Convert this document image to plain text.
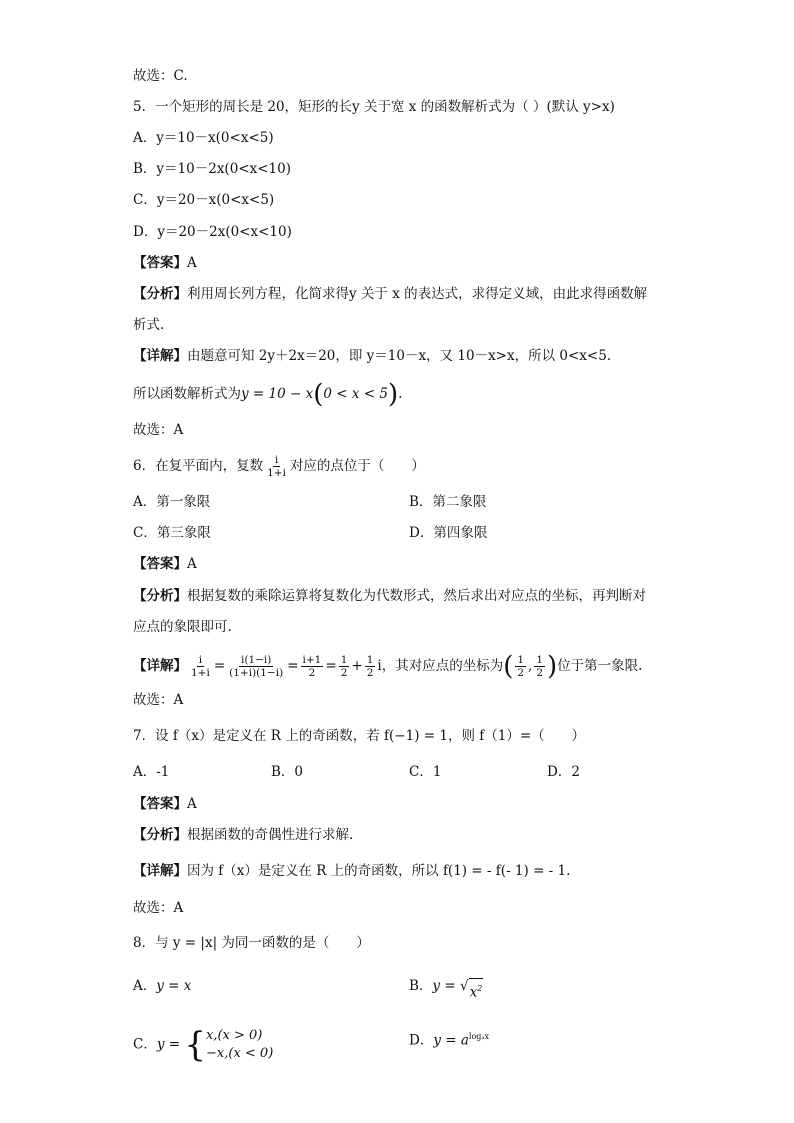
故选：C.
5．一个矩形的周长是 20，矩形的长y 关于宽 x 的函数解析式为（ ）(默认 y>x)
A．y＝10－x(0<x<5)
B．y＝10－2x(0<x<10)
C．y＝20－x(0<x<5)
D．y＝20－2x(0<x<10)
【答案】A
【分析】利用周长列方程，化简求得y 关于 x 的表达式，求得定义域，由此求得函数解
析式.
【详解】由题意可知 2y＋2x＝20，即 y＝10－x，又 10－x>x，所以 0<x<5.
所以函数解析式为y = 10 − x(0 < x < 5).
故选：A
6．在复平面内，复数 $\frac{i}{1+i}$ 对应的点位于（　　）
A．第一象限	B．第二象限
C．第三象限	D．第四象限
【答案】A
【分析】根据复数的乘除运算将复数化为代数形式，然后求出对应点的坐标，再判断对
应点的象限即可.
【详解】 $\frac{i}{1+i} = \frac{i(1-i)}{(1+i)(1-i)} = \frac{i+1}{2} = \frac{1}{2} + \frac{1}{2}$ i，其对应点的坐标为( $\frac{1}{2}$ , $\frac{1}{2}$ )位于第一象限.
故选：A
7．设 f（x）是定义在 R 上的奇函数，若 f(−1) = 1，则 f（1）=（　　）
A．-1	B．0	C．1	D．2
【答案】A
【分析】根据函数的奇偶性进行求解.
【详解】因为 f（x）是定义在 R 上的奇函数，所以 f(1) = - f(- 1) = - 1.
故选：A
8．与 y = |x| 为同一函数的是（　　）
A．y = x	B．y = √ $x^2$
C．y = { x,(x > 0)
−x,(x < 0)
D．$y = a^{log_ax}$
